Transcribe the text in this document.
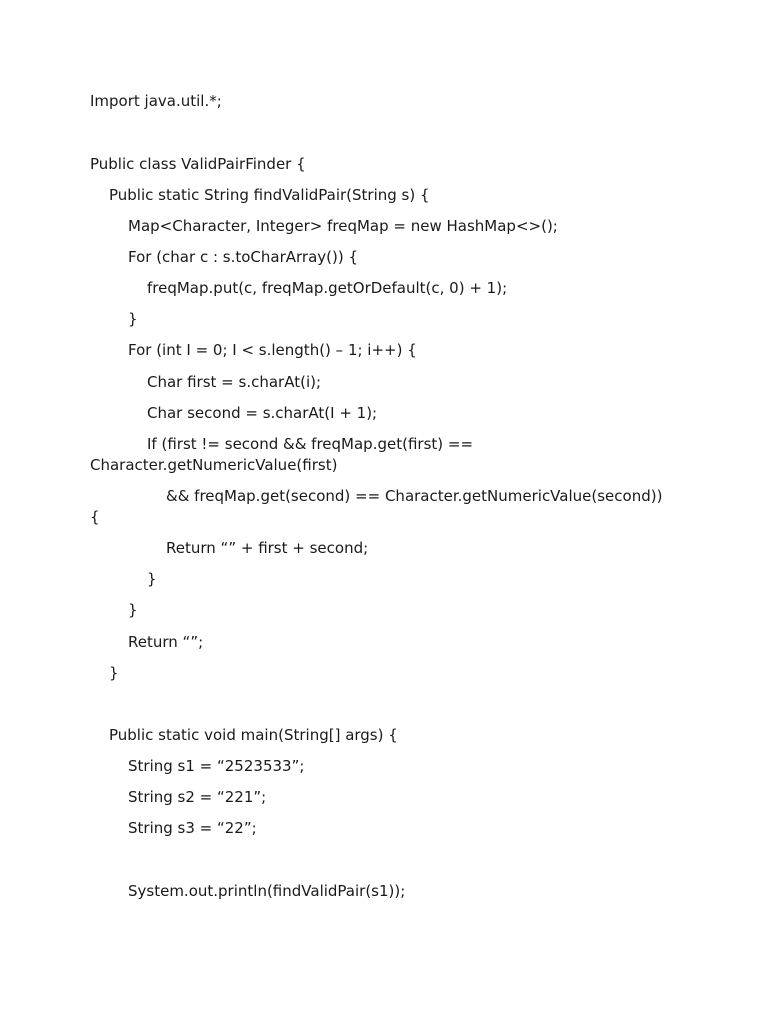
Import java.util.*;
Public class ValidPairFinder {
Public static String findValidPair(String s) {
Map<Character, Integer> freqMap = new HashMap<>();
For (char c : s.toCharArray()) {
freqMap.put(c, freqMap.getOrDefault(c, 0) + 1);
}
For (int I = 0; I < s.length() – 1; i++) {
Char first = s.charAt(i);
Char second = s.charAt(I + 1);
If (first != second && freqMap.get(first) ==
Character.getNumericValue(first)
&& freqMap.get(second) == Character.getNumericValue(second))
{
Return “” + first + second;
}
}
Return “”;
}
Public static void main(String[] args) {
String s1 = “2523533”;
String s2 = “221”;
String s3 = “22”;
System.out.println(findValidPair(s1));
